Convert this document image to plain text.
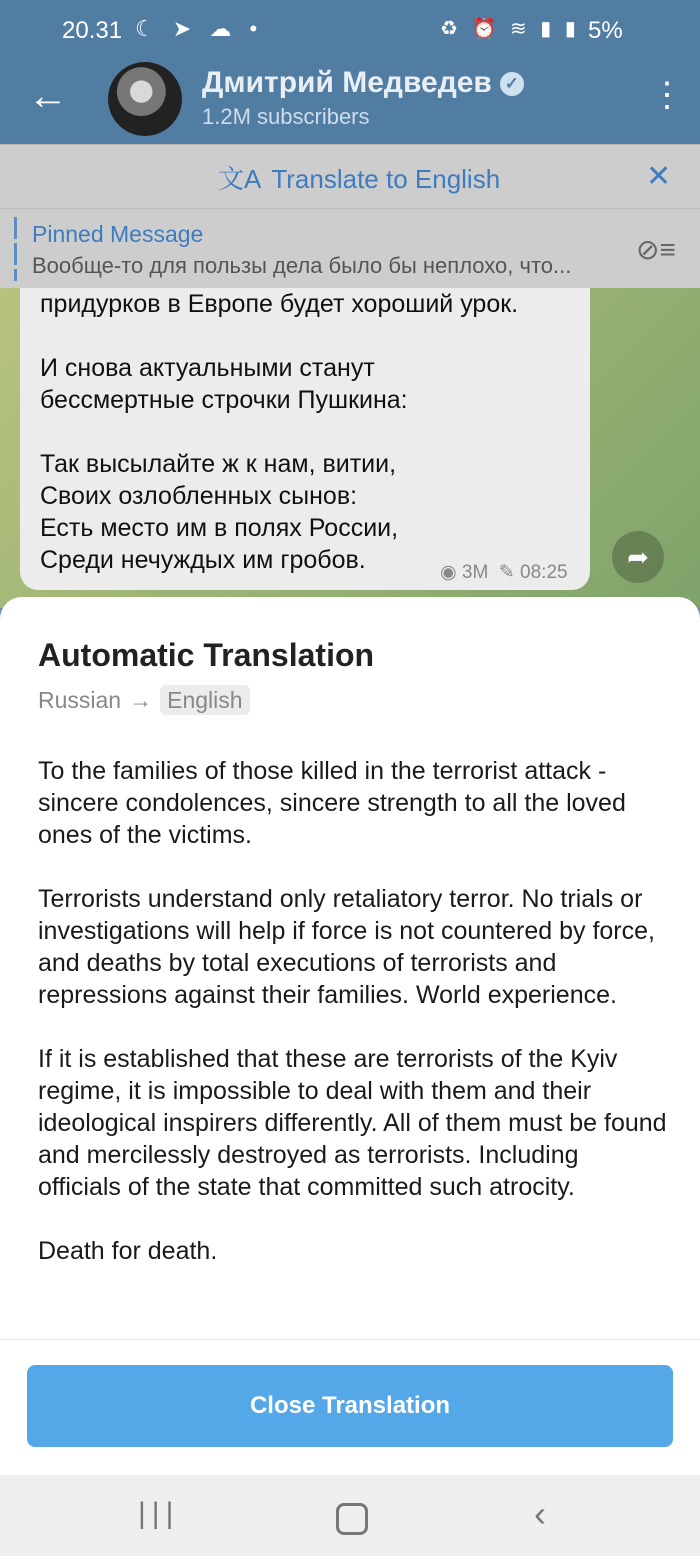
20.31 ☾ ➤ ☁ •	♻ ⏰ ≋ ▮ ▮ 5%
←	Дмитрий Медведев ✓
1.2M subscribers
⋮
文A Translate to English	✕
Pinned Message
Вообще-то для пользы дела было бы неплохо, что...
⊘≡
придурков в Европе будет хороший урок.

И снова актуальными станут
бессмертные строчки Пушкина:

Так высылайте ж к нам, витии,
Своих озлобленных сынов:
Есть место им в полях России,
Среди нечуждых им гробов.	◉ 3M  ✎ 08:25
➦
Automatic Translation
Russian → English
To the families of those killed in the terrorist attack - sincere condolences, sincere strength to all the loved ones of the victims.

Terrorists understand only retaliatory terror. No trials or investigations will help if force is not countered by force, and deaths by total executions of terrorists and repressions against their families. World experience.

If it is established that these are terrorists of the Kyiv regime, it is impossible to deal with them and their ideological inspirers differently. All of them must be found and mercilessly destroyed as terrorists. Including officials of the state that committed such atrocity.

Death for death.
Close Translation
|||	‹
